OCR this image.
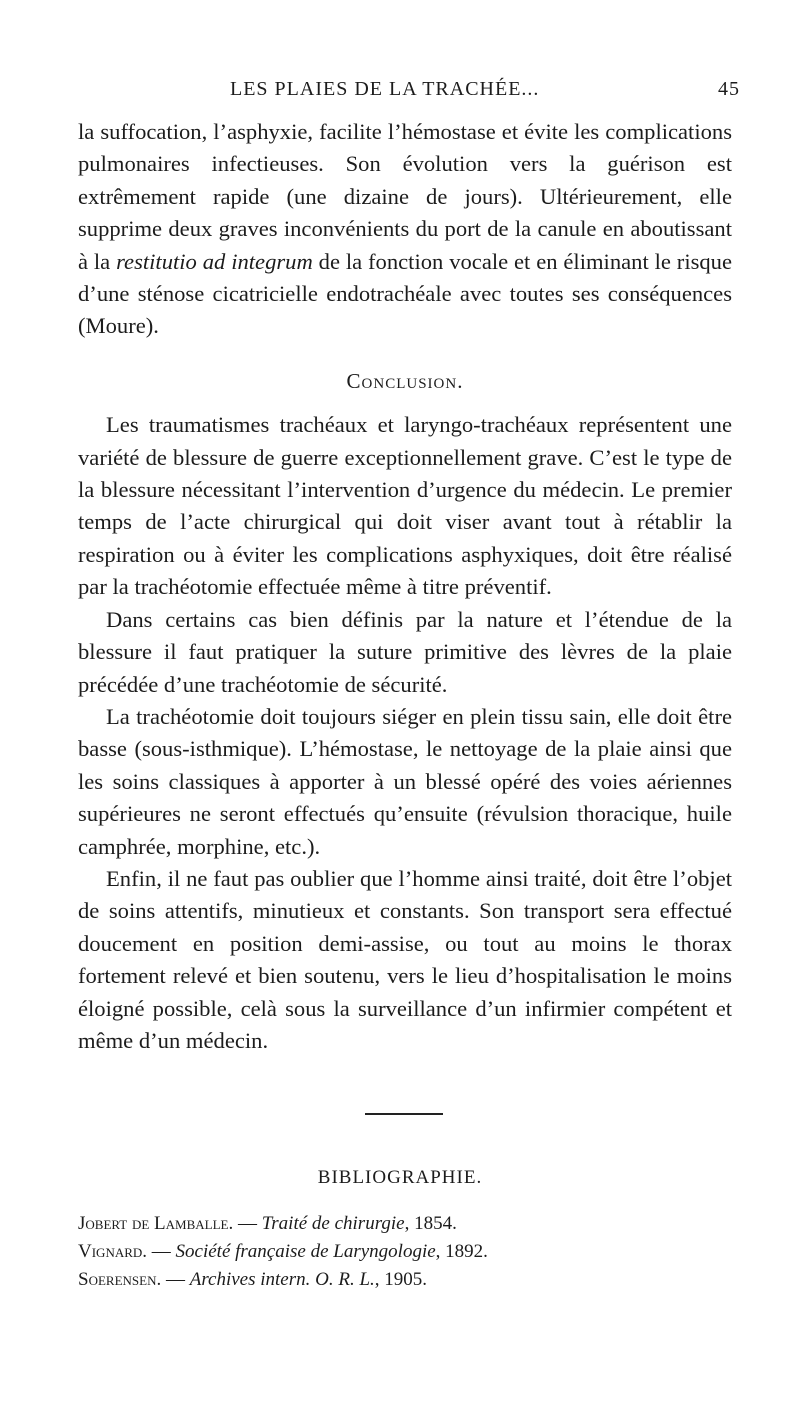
LES PLAIES DE LA TRACHÉE...	45

la suffocation, l’asphyxie, facilite l’hémostase et évite les complications pulmonaires infectieuses. Son évolution vers la guérison est extrêmement rapide (une dizaine de jours). Ultérieurement, elle supprime deux graves inconvénients du port de la canule en aboutissant à la restitutio ad integrum de la fonction vocale et en éliminant le risque d’une sténose cicatricielle endotrachéale avec toutes ses conséquences (Moure).

Conclusion.

Les traumatismes trachéaux et laryngo-trachéaux représentent une variété de blessure de guerre exceptionnellement grave. C’est le type de la blessure nécessitant l’intervention d’urgence du médecin. Le premier temps de l’acte chirurgical qui doit viser avant tout à rétablir la respiration ou à éviter les complications asphyxiques, doit être réalisé par la trachéotomie effectuée même à titre préventif.

Dans certains cas bien définis par la nature et l’étendue de la blessure il faut pratiquer la suture primitive des lèvres de la plaie précédée d’une trachéotomie de sécurité.

La trachéotomie doit toujours siéger en plein tissu sain, elle doit être basse (sous-isthmique). L’hémostase, le nettoyage de la plaie ainsi que les soins classiques à apporter à un blessé opéré des voies aériennes supérieures ne seront effectués qu’ensuite (révulsion thoracique, huile camphrée, morphine, etc.).

Enfin, il ne faut pas oublier que l’homme ainsi traité, doit être l’objet de soins attentifs, minutieux et constants. Son transport sera effectué doucement en position demi-assise, ou tout au moins le thorax fortement relevé et bien soutenu, vers le lieu d’hospitalisation le moins éloigné possible, celà sous la surveillance d’un infirmier compétent et même d’un médecin.

BIBLIOGRAPHIE.
Jobert de Lamballe. — Traité de chirurgie, 1854.
Vignard. — Société française de Laryngologie, 1892.
Soerensen. — Archives intern. O. R. L., 1905.
